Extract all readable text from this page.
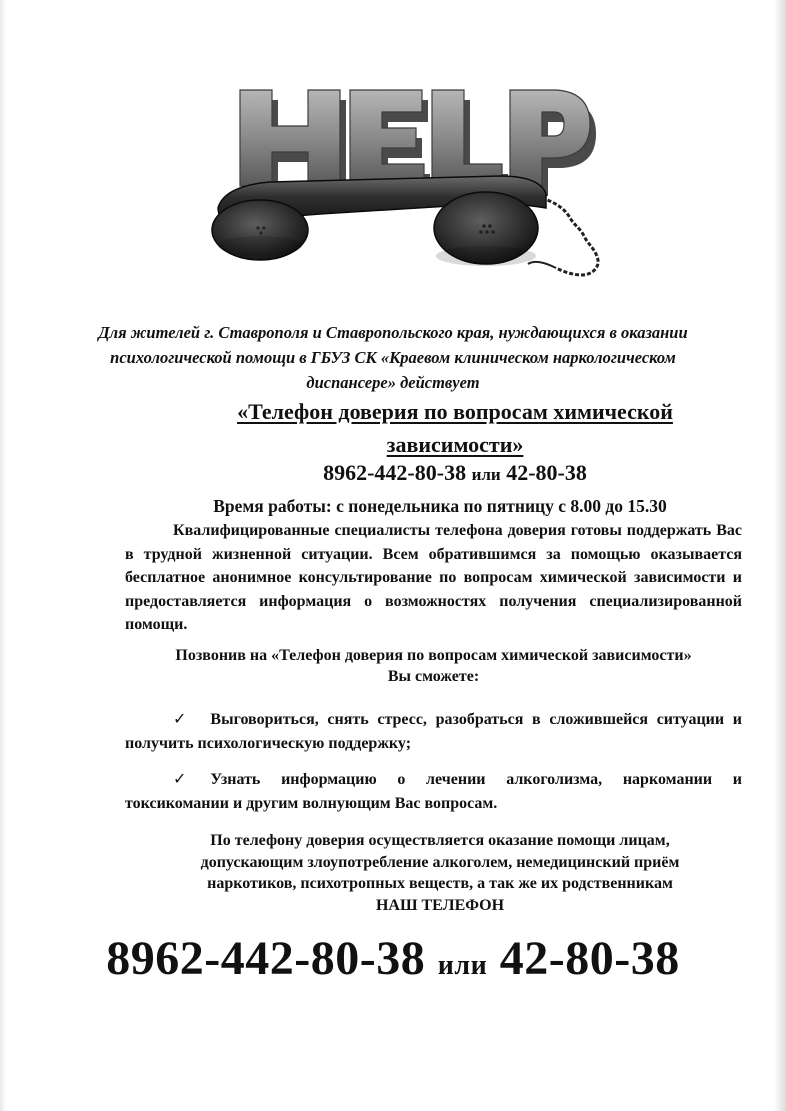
Для жителей г. Ставрополя и Ставропольского края, нуждающихся в оказании
психологической помощи в ГБУЗ СК «Краевом клиническом наркологическом
диспансере» действует
«Телефон доверия по вопросам химической
зависимости»
8962-442-80-38 или 42-80-38
Время работы: с понедельника по пятницу с 8.00 до 15.30
Квалифицированные специалисты телефона доверия готовы поддержать Вас в трудной жизненной ситуации. Всем обратившимся за помощью оказывается бесплатное анонимное консультирование по вопросам химической зависимости и предоставляется информация о возможностях получения специализированной помощи.
Позвонив на «Телефон доверия по вопросам химической зависимости»
Вы сможете:
✓ Выговориться, снять стресс, разобраться в сложившейся ситуации и получить психологическую поддержку;
✓ Узнать информацию о лечении алкоголизма, наркомании и токсикомании и другим волнующим Вас вопросам.
По телефону доверия осуществляется оказание помощи лицам,
допускающим злоупотребление алкоголем, немедицинский приём
наркотиков, психотропных веществ, а так же их родственникам
НАШ ТЕЛЕФОН
8962-442-80-38 или 42-80-38
